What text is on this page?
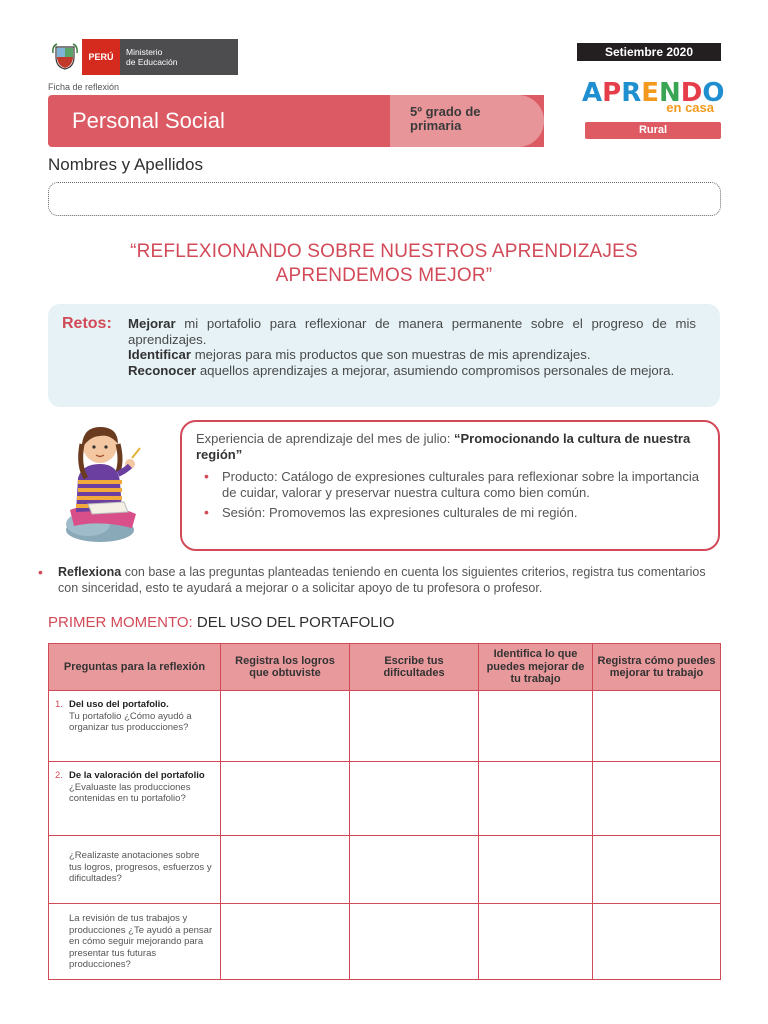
PERÚ	Ministerio
de Educación
Ficha de reflexión
Setiembre 2020
APRENDO
en casa
Rural
Personal Social	5º grado de
primaria
Nombres y Apellidos
“REFLEXIONANDO SOBRE NUESTROS APRENDIZAJES
APRENDEMOS MEJOR”
Retos: Mejorar mi portafolio para reflexionar de manera permanente sobre el progreso de mis aprendizajes.

Identificar mejoras para mis productos que son muestras de mis aprendizajes.

Reconocer aquellos aprendizajes a mejorar, asumiendo compromisos personales de mejora.

Experiencia de aprendizaje del mes de julio: “Promocionando la cultura de nuestra región”
• Producto: Catálogo de expresiones culturales para reflexionar sobre la importancia de cuidar, valorar y preservar nuestra cultura como bien común.
• Sesión: Promovemos las expresiones culturales de mi región.
• Reflexiona con base a las preguntas planteadas teniendo en cuenta los siguientes criterios, registra tus comentarios con sinceridad, esto te ayudará a mejorar o a solicitar apoyo de tu profesora o profesor.
PRIMER MOMENTO: DEL USO DEL PORTAFOLIO
Preguntas para la reflexión	Registra los logros que obtuviste	Escribe tus dificultades	Identifica lo que puedes mejorar de tu trabajo	Registra cómo puedes mejorar tu trabajo
1. Del uso del portafolio.
Tu portafolio ¿Cómo ayudó a organizar tus producciones?				

2. De la valoración del portafolio
¿Evaluaste las producciones contenidas en tu portafolio?				

¿Realizaste anotaciones sobre tus logros, progresos, esfuerzos y dificultades?				

La revisión de tus trabajos y producciones ¿Te ayudó a pensar en cómo seguir mejorando para presentar tus futuras producciones?				
